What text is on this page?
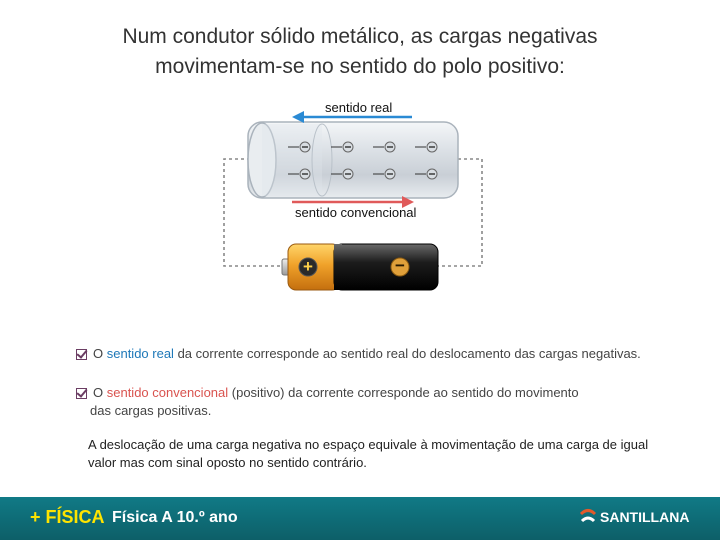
Num condutor sólido metálico, as cargas negativas
movimentam-se no sentido do polo positivo:
+	−
sentido real
sentido convencional
O sentido real da corrente corresponde ao sentido real do deslocamento das cargas negativas.
O sentido convencional (positivo) da corrente corresponde ao sentido do movimento
das cargas positivas.
A deslocação de uma carga negativa no espaço equivale à movimentação de uma carga de igual
valor mas com sinal oposto no sentido contrário.
+ FÍSICA Física A 10.º ano	SANTILLANA
